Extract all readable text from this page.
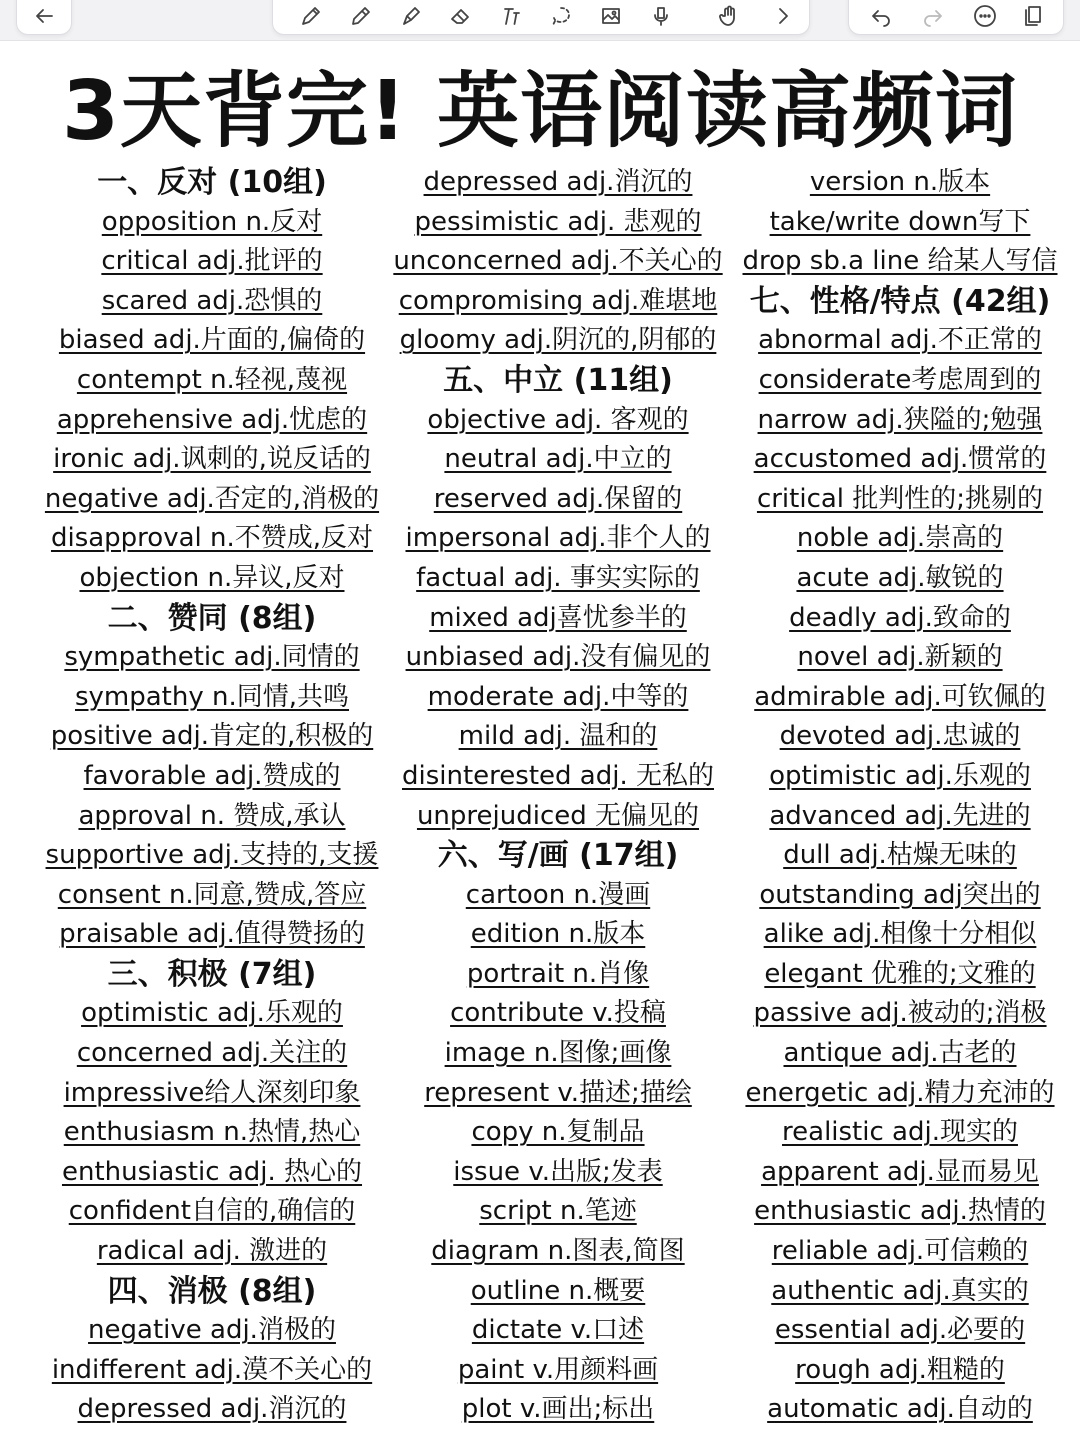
3天背完! 英语阅读高频词
一、反对 (10组)
opposition n.反对
critical adj.批评的
scared adj.恐惧的
biased adj.片面的,偏倚的
contempt n.轻视,蔑视
apprehensive adj.忧虑的
ironic adj.讽刺的,说反话的
negative adj.否定的,消极的
disapproval n.不赞成,反对
objection n.异议,反对
二、赞同 (8组)
sympathetic adj.同情的
sympathy n.同情,共鸣
positive adj.肯定的,积极的
favorable adj.赞成的
approval n. 赞成,承认
supportive adj.支持的,支援
consent n.同意,赞成,答应
praisable adj.值得赞扬的
三、积极 (7组)
optimistic adj.乐观的
concerned adj.关注的
impressive给人深刻印象
enthusiasm n.热情,热心
enthusiastic adj. 热心的
confident自信的,确信的
radical adj. 激进的
四、消极 (8组)
negative adj.消极的
indifferent adj.漠不关心的
depressed adj.消沉的
depressed adj.消沉的
pessimistic adj. 悲观的
unconcerned adj.不关心的
compromising adj.难堪地
gloomy adj.阴沉的,阴郁的
五、中立 (11组)
objective adj. 客观的
neutral adj.中立的
reserved adj.保留的
impersonal adj.非个人的
factual adj. 事实实际的
mixed adj喜忧参半的
unbiased adj.没有偏见的
moderate adj.中等的
mild adj. 温和的
disinterested adj. 无私的
unprejudiced 无偏见的
六、写/画 (17组)
cartoon n.漫画
edition n.版本
portrait n.肖像
contribute v.投稿
image n.图像;画像
represent v.描述;描绘
copy n.复制品
issue v.出版;发表
script n.笔迹
diagram n.图表,简图
outline n.概要
dictate v.口述
paint v.用颜料画
plot v.画出;标出
version n.版本
take/write down写下
drop sb.a line 给某人写信
七、性格/特点 (42组)
abnormal adj.不正常的
considerate考虑周到的
narrow adj.狭隘的;勉强
accustomed adj.惯常的
critical 批判性的;挑剔的
noble adj.崇高的
acute adj.敏锐的
deadly adj.致命的
novel adj.新颖的
admirable adj.可钦佩的
devoted adj.忠诚的
optimistic adj.乐观的
advanced adj.先进的
dull adj.枯燥无味的
outstanding adj突出的
alike adj.相像十分相似
elegant 优雅的;文雅的
passive adj.被动的;消极
antique adj.古老的
energetic adj.精力充沛的
realistic adj.现实的
apparent adj.显而易见
enthusiastic adj.热情的
reliable adj.可信赖的
authentic adj.真实的
essential adj.必要的
rough adj.粗糙的
automatic adj.自动的
